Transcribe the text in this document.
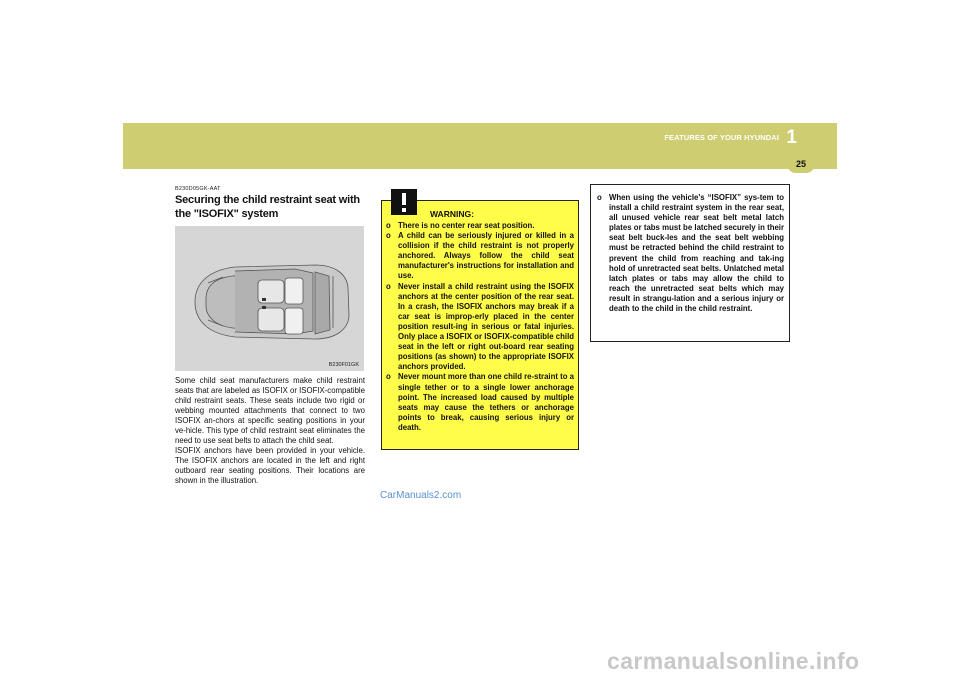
FEATURES OF YOUR HYUNDAI 1
25
B230D05GK-AAT
Securing the child restraint seat with the "ISOFIX" system
B230F01GK

Some child seat manufacturers make child restraint seats that are labeled as ISOFIX or ISOFIX-compatible child restraint seats. These seats include two rigid or webbing mounted attachments that connect to two ISOFIX an-chors at specific seating positions in your ve-hicle. This type of child restraint seat eliminates the need to use seat belts to attach the child seat.

ISOFIX anchors have been provided in your vehicle. The ISOFIX anchors are located in the left and right outboard rear seating positions. Their locations are shown in the illustration.

WARNING:
o There is no center rear seat position.
o A child can be seriously injured or killed in a collision if the child restraint is not properly anchored. Always follow the child seat manufacturer's instructions for installation and use.
o Never install a child restraint using the ISOFIX anchors at the center position of the rear seat. In a crash, the ISOFIX anchors may break if a car seat is improp-erly placed in the center position result-ing in serious or fatal injuries. Only place a ISOFIX or ISOFIX-compatible child seat in the left or right out-board rear seating positions (as shown) to the appropriate ISOFIX anchors provided.
o Never mount more than one child re-straint to a single tether or to a single lower anchorage point. The increased load caused by multiple seats may cause the tethers or anchorage points to break, causing serious injury or death.
o When using the vehicle's “ISOFIX” sys-tem to install a child restraint system in the rear seat, all unused vehicle rear seat belt metal latch plates or tabs must be latched securely in their seat belt buck-les and the seat belt webbing must be retracted behind the child restraint to prevent the child from reaching and tak-ing hold of unretracted seat belts. Unlatched metal latch plates or tabs may allow the child to reach the unretracted seat belts which may result in strangu-lation and a serious injury or death to the child in the child restraint.
CarManuals2.com
carmanualsonline.info
